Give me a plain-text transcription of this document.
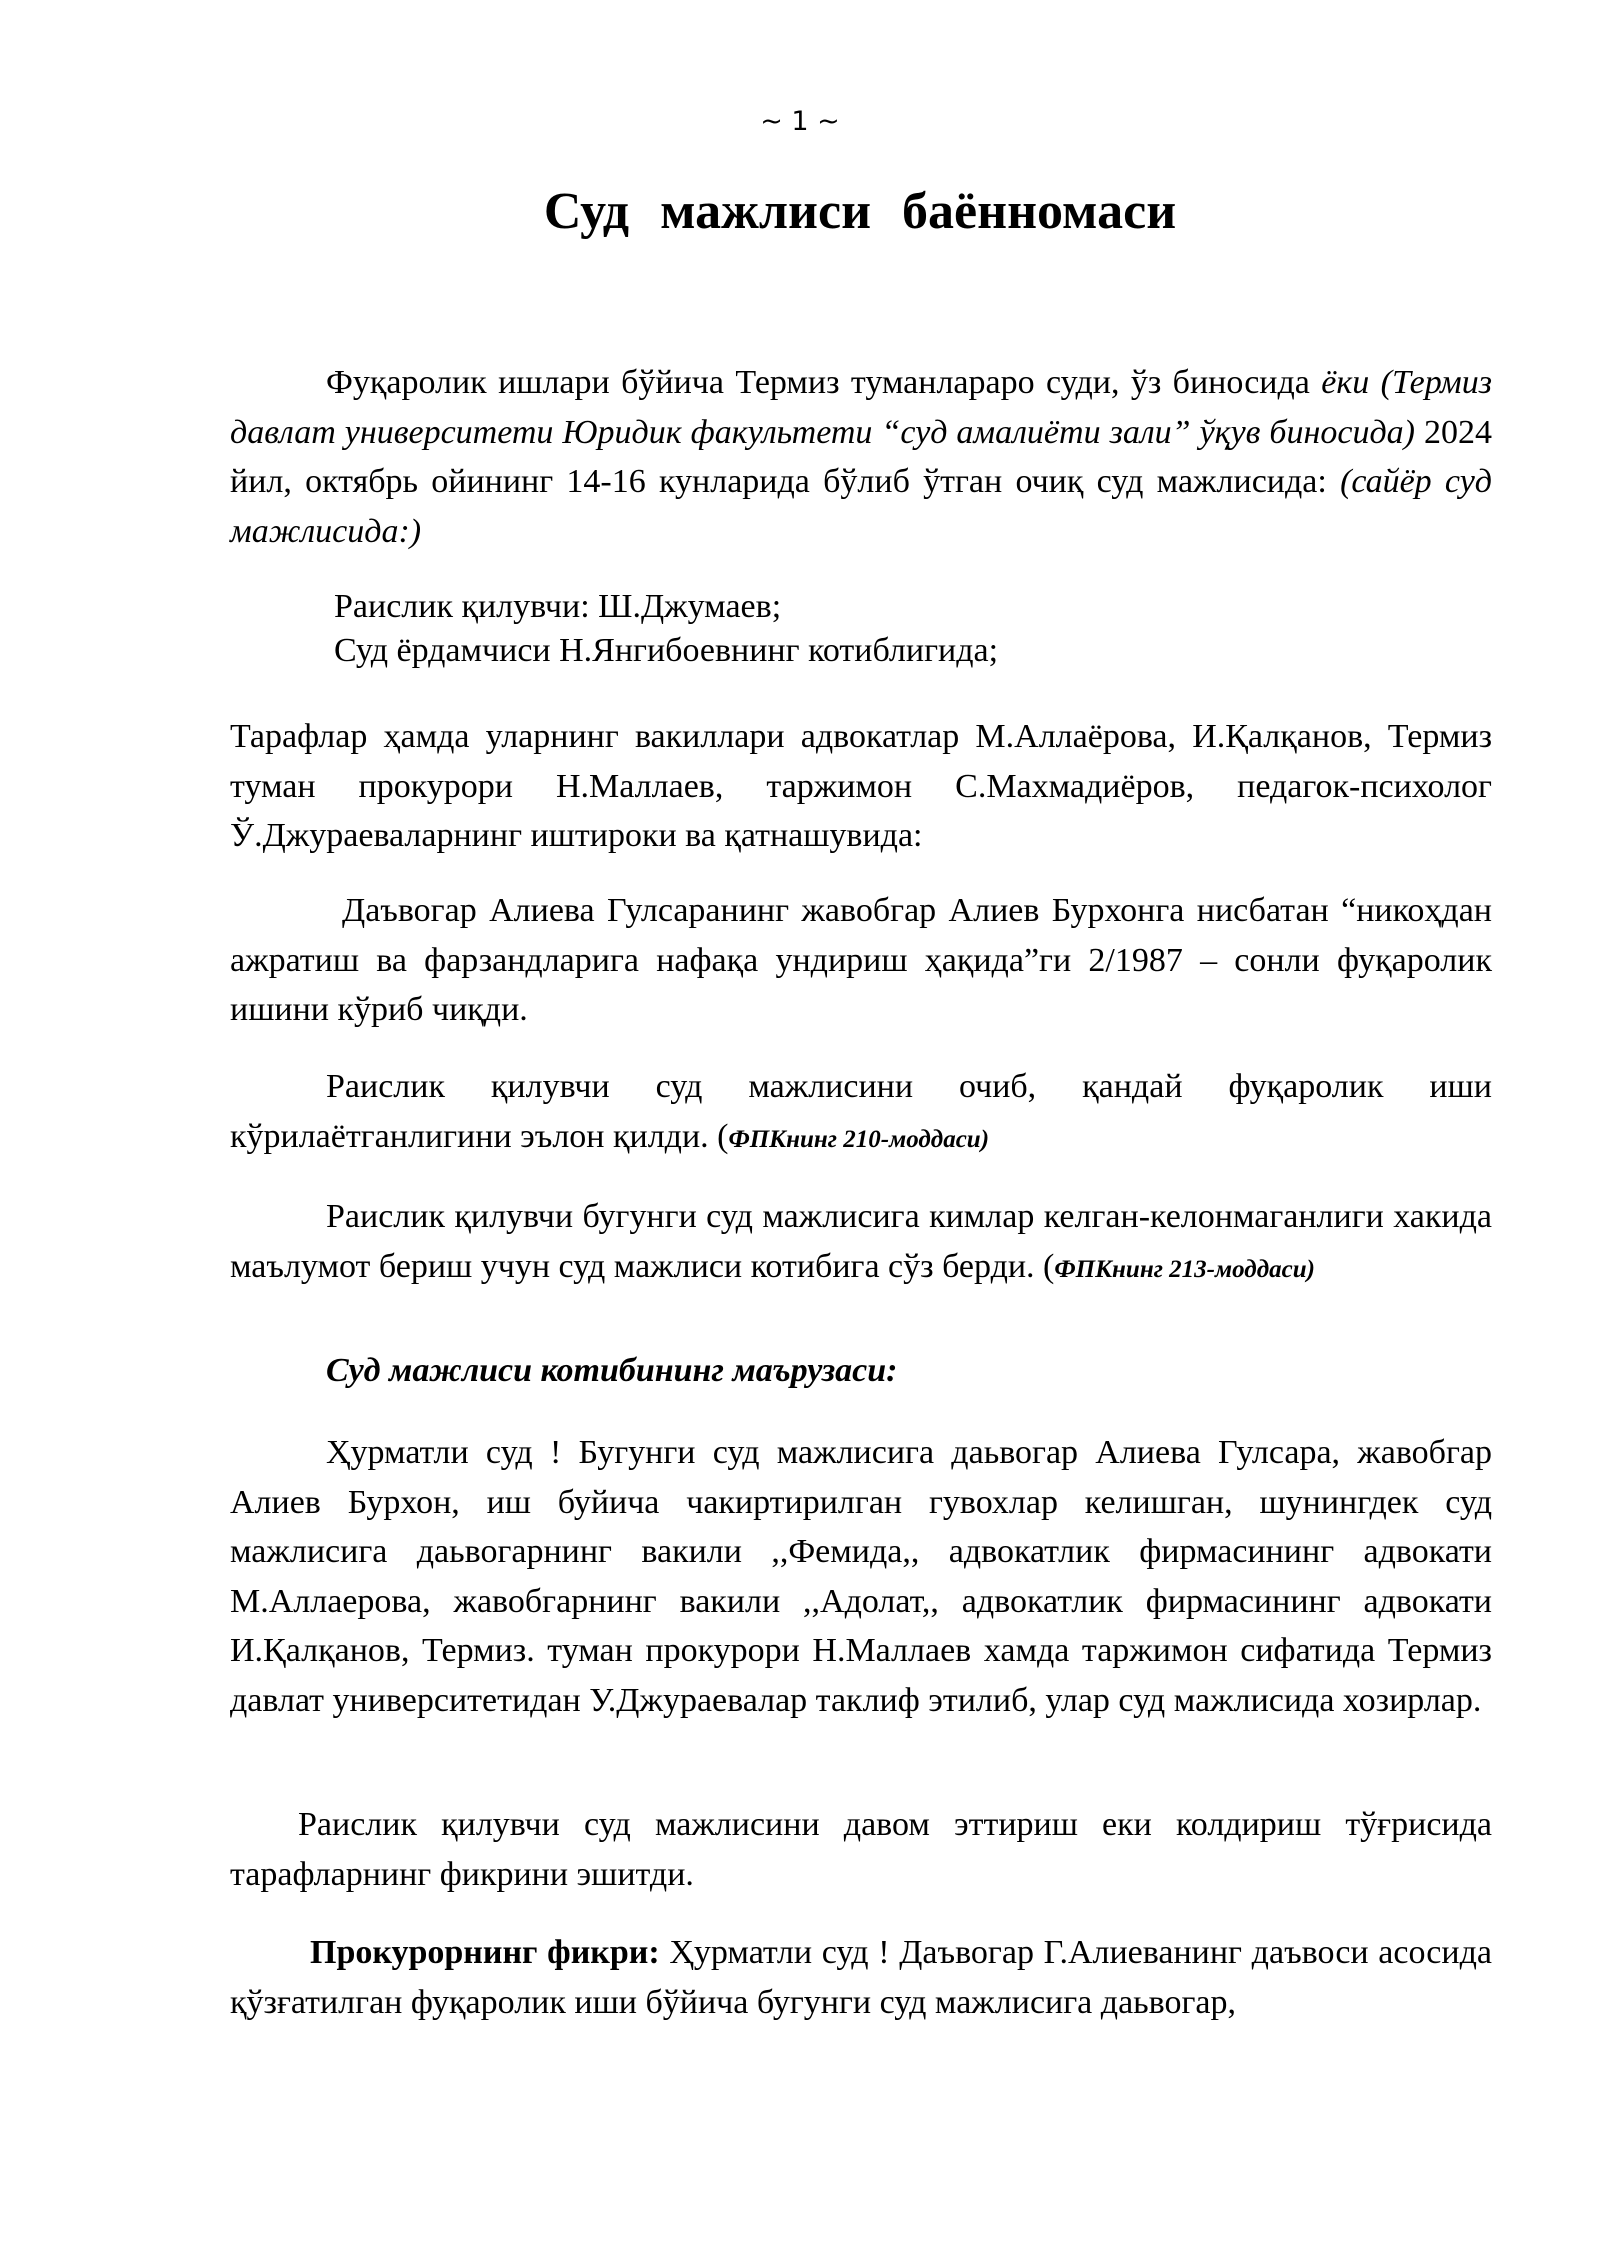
~ 1 ~
Суд мажлиси баённомаси

Фуқаролик ишлари бўйича Термиз туманлараро суди, ўз биносида ёки (Термиз давлат университети Юридик факультети “суд амалиёти зали” ўқув биносида) 2024 йил, октябрь ойининг 14-16 кунларида бўлиб ўтган очиқ суд мажлисида: (сайёр суд мажлисида:)

Раислик қилувчи: Ш.Джумаев;

Суд ёрдамчиси Н.Янгибоевнинг котиблигида;

Тарафлар ҳамда уларнинг вакиллари адвокатлар М.Аллаёрова, И.Қалқанов, Термиз туман прокурори Н.Маллаев, таржимон С.Махмадиёров, педагок-психолог Ў.Джураеваларнинг иштироки ва қатнашувида:

Даъвогар Алиева Гулсаранинг жавобгар Алиев Бурхонга нисбатан “никоҳдан ажратиш ва фарзандларига нафақа ундириш ҳақида”ги 2/1987 – сонли фуқаролик ишини кўриб чиқди.

Раислик қилувчи суд мажлисини очиб, қандай фуқаролик иши кўрилаётганлигини эълон қилди. (ФПКнинг 210-моддаси)

Раислик қилувчи бугунги суд мажлисига кимлар келган-келонмаганлиги хакида маълумот бериш учун суд мажлиси котибига сўз берди. (ФПКнинг 213-моддаси)

Суд мажлиси котибининг маърузаси:

Ҳурматли суд ! Бугунги суд мажлисига даьвогар Алиева Гулсара, жавобгар Алиев Бурхон, иш буйича чакиртирилган гувохлар келишган, шунингдек суд мажлисига даьвогарнинг вакили ,,Фемида,, адвокатлик фирмасининг адвокати М.Аллаерова, жавобгарнинг вакили ,,Адолат,, адвокатлик фирмасининг адвокати И.Қалқанов, Термиз. туман прокурори Н.Маллаев хамда таржимон сифатида Термиз давлат университетидан У.Джураевалар таклиф этилиб, улар суд мажлисида хозирлар.

Раислик қилувчи суд мажлисини давом эттириш еки колдириш тўғрисида тарафларнинг фикрини эшитди.

Прокурорнинг фикри: Ҳурматли суд ! Даъвогар Г.Алиеванинг даъвоси асосида қўзғатилган фуқаролик иши бўйича бугунги суд мажлисига даьвогар,
